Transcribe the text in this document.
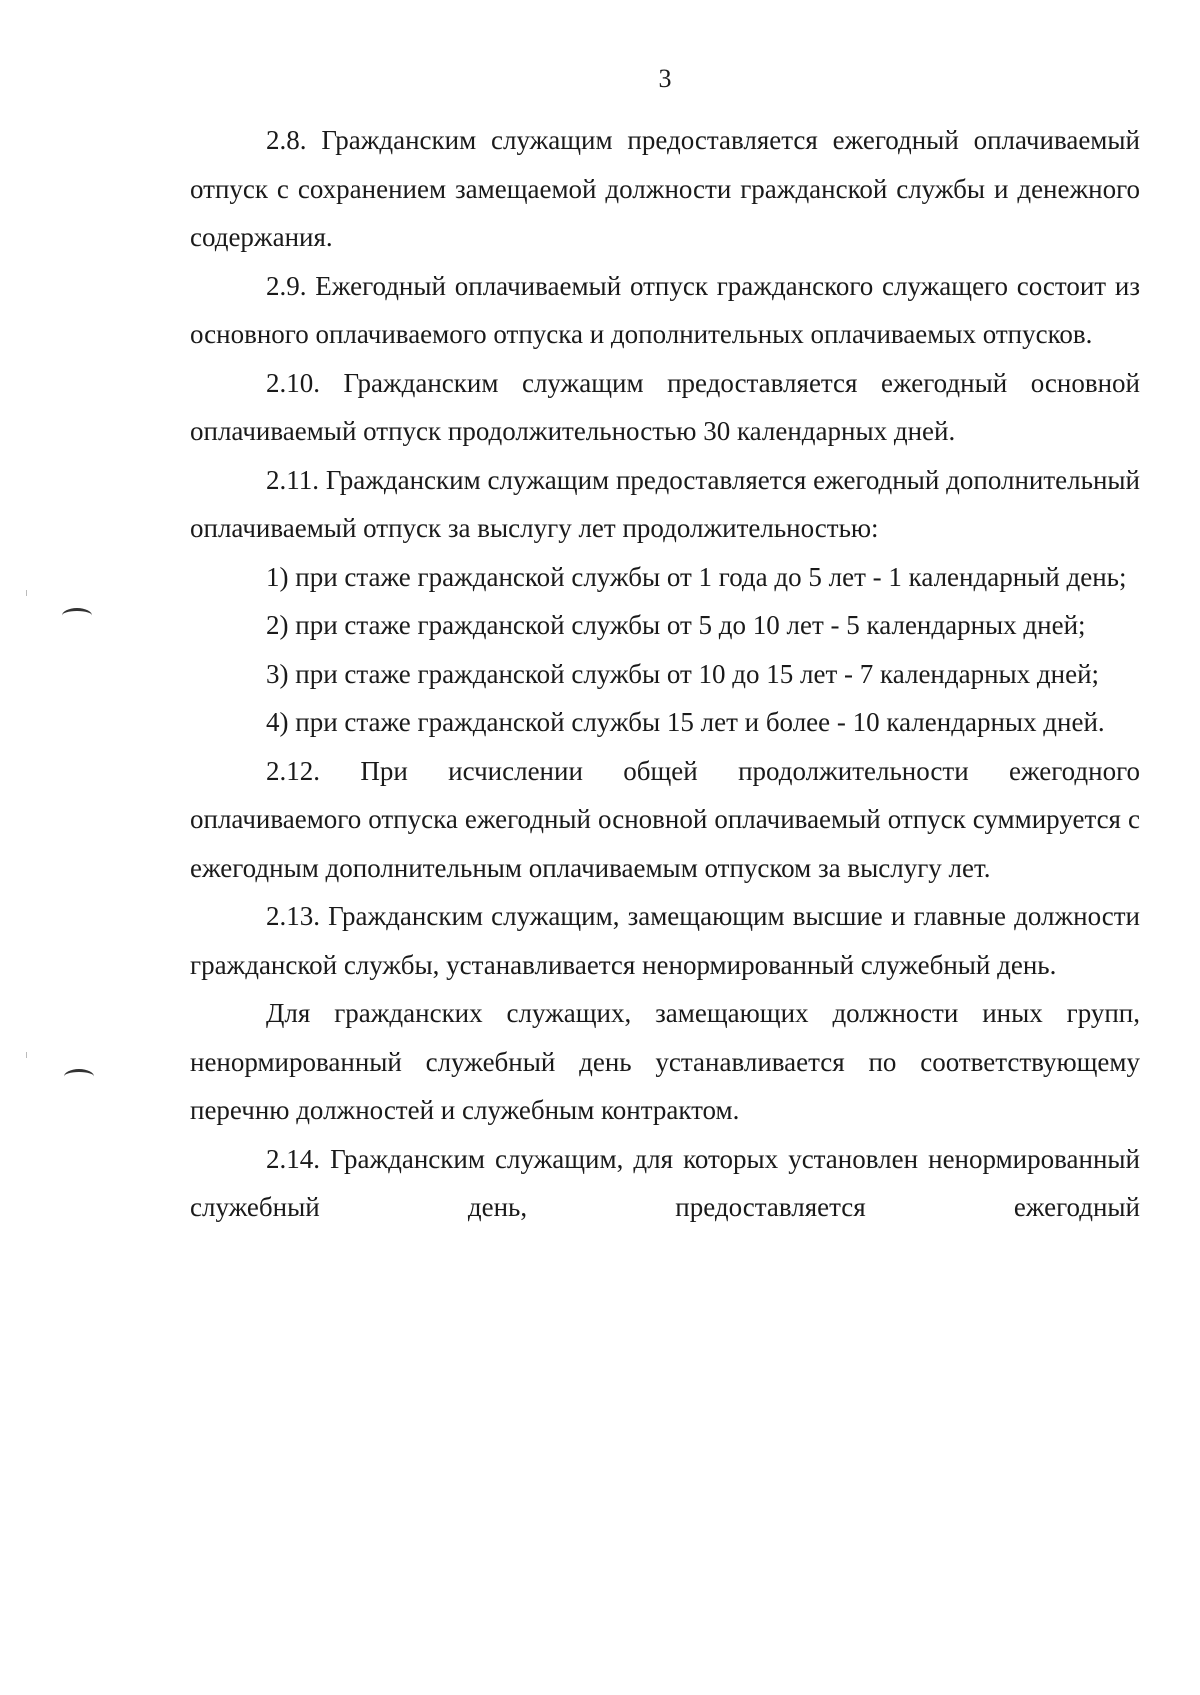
3

2.8. Гражданским служащим предоставляется ежегодный оплачиваемый отпуск с сохранением замещаемой должности гражданской службы и денежного содержания.

2.9. Ежегодный оплачиваемый отпуск гражданского служащего состоит из основного оплачиваемого отпуска и дополнительных оплачиваемых отпусков.

2.10. Гражданским служащим предоставляется ежегодный основной оплачиваемый отпуск продолжительностью 30 календарных дней.

2.11. Гражданским служащим предоставляется ежегодный дополнительный оплачиваемый отпуск за выслугу лет продолжительностью:

1) при стаже гражданской службы от 1 года до 5 лет - 1 календарный день;

2) при стаже гражданской службы от 5 до 10 лет - 5 календарных дней;

3) при стаже гражданской службы от 10 до 15 лет - 7 календарных дней;

4) при стаже гражданской службы 15 лет и более - 10 календарных дней.

2.12. При исчислении общей продолжительности ежегодного оплачиваемого отпуска ежегодный основной оплачиваемый отпуск суммируется с ежегодным дополнительным оплачиваемым отпуском за выслугу лет.

2.13. Гражданским служащим, замещающим высшие и главные должности гражданской службы, устанавливается ненормированный служебный день.

Для гражданских служащих, замещающих должности иных групп, ненормированный служебный день устанавливается по соответствующему перечню должностей и служебным контрактом.

2.14. Гражданским служащим, для которых установлен ненормированный служебный день, предоставляется ежегодный
